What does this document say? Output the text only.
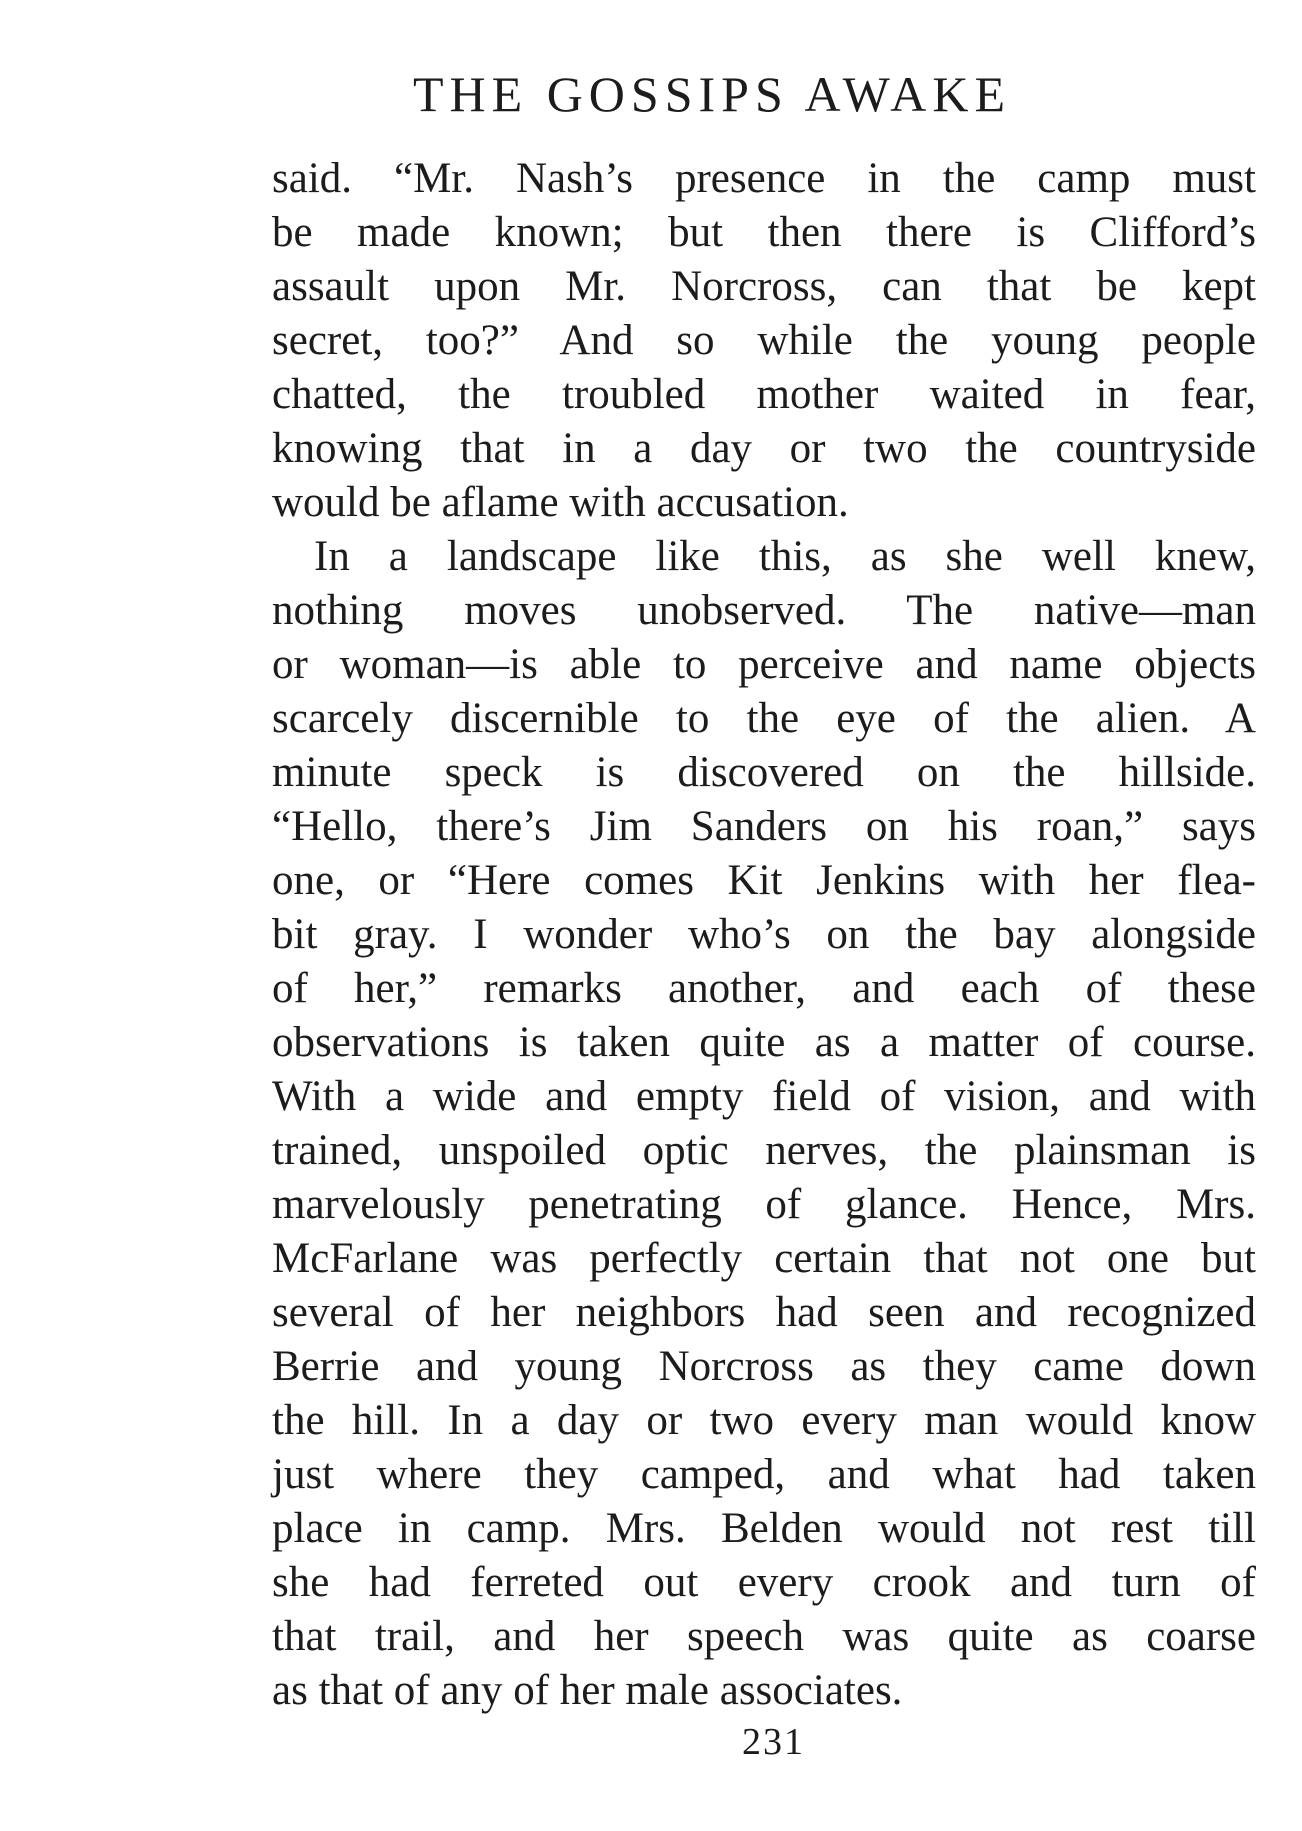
THE GOSSIPS AWAKE
said. “Mr. Nash’s presence in the camp must
be made known; but then there is Clifford’s
assault upon Mr. Norcross, can that be kept
secret, too?” And so while the young people
chatted, the troubled mother waited in fear,
knowing that in a day or two the countryside
would be aflame with accusation.
In a landscape like this, as she well knew,
nothing moves unobserved. The native—man
or woman—is able to perceive and name objects
scarcely discernible to the eye of the alien. A
minute speck is discovered on the hillside.
“Hello, there’s Jim Sanders on his roan,” says
one, or “Here comes Kit Jenkins with her flea-
bit gray. I wonder who’s on the bay alongside
of her,” remarks another, and each of these
observations is taken quite as a matter of course.
With a wide and empty field of vision, and with
trained, unspoiled optic nerves, the plainsman is
marvelously penetrating of glance. Hence, Mrs.
McFarlane was perfectly certain that not one but
several of her neighbors had seen and recognized
Berrie and young Norcross as they came down
the hill. In a day or two every man would know
just where they camped, and what had taken
place in camp. Mrs. Belden would not rest till
she had ferreted out every crook and turn of
that trail, and her speech was quite as coarse
as that of any of her male associates.
231
